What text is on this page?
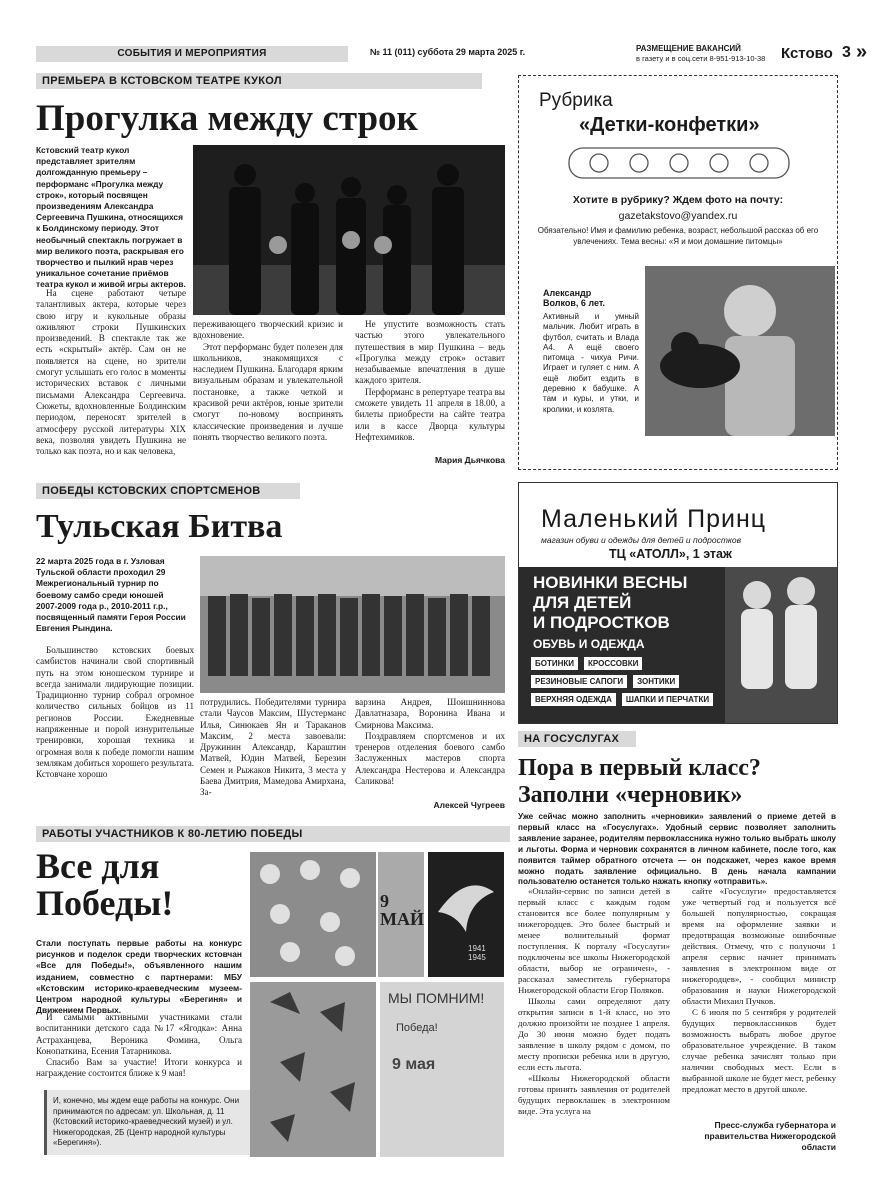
СОБЫТИЯ И МЕРОПРИЯТИЯ	№ 11 (011) суббота 29 марта 2025 г.	РАЗМЕЩЕНИЕ ВАКАНСИЙ
в газету и в соц.сети 8-951-913-10-38 Кстово 3 »
ПРЕМЬЕРА В КСТОВСКОМ ТЕАТРЕ КУКОЛ
Прогулка между строк
Кстовский театр кукол представляет зрителям долгожданную премьеру – перформанс «Прогулка между строк», который посвящен произведениям Александра Сергеевича Пушкина, относящихся к Болдинскому периоду. Этот необычный спектакль погружает в мир великого поэта, раскрывая его творчество и пылкий нрав через уникальное сочетание приёмов театра кукол и живой игры актеров.

На сцене работают четыре талантливых актера, которые через свою игру и кукольные образы оживляют строки Пушкинских произведений. В спектакле так же есть «скрытый» актёр. Сам он не появляется на сцене, но зрители смогут услышать его голос в моменты исторических вставок с личными письмами Александра Сергеевича. Сюжеты, вдохновленные Болдинским периодом, переносят зрителей в атмосферу русской литературы XIX века, позволяя увидеть Пушкина не только как поэта, но и как человека,

переживающего творческий кризис и вдохновение.

Этот перформанс будет полезен для школьников, знакомящихся с наследием Пушкина. Благодаря ярким визуальным образам и увлекательной постановке, а также четкой и красивой речи актёров, юные зрители смогут по-новому воспринять классические произведения и лучше понять творчество великого поэта.

Не упустите возможность стать частью этого увлекательного путешествия в мир Пушкина – ведь «Прогулка между строк» оставит незабываемые впечатления в душе каждого зрителя.

Перформанс в репертуаре театра вы сможете увидеть 11 апреля в 18.00, а билеты приобрести на сайте театра или в кассе Дворца культуры Нефтехимиков.

Мария Дьячкова
Рубрика
«Детки-конфетки»
Хотите в рубрику? Ждем фото на почту:
gazetakstovo@yandex.ru
Обязательно! Имя и фамилию ребенка, возраст, небольшой рассказ об его увлечениях. Тема весны: «Я и мои домашние питомцы»
Александр Волков, 6 лет.
Активный и умный мальчик. Любит играть в футбол, считать и Влада А4. А ещё своего питомца - чихуа Ричи. Играет и гуляет с ним. А ещё любит ездить в деревню к бабушке. А там и куры, и утки, и кролики, и козлята.
ПОБЕДЫ КСТОВСКИХ СПОРТСМЕНОВ
Тульская Битва
22 марта 2025 года в г. Узловая Тульской области проходил 29 Межрегиональный турнир по боевому самбо среди юношей 2007-2009 года р., 2010-2011 г.р., посвященный памяти Героя России Евгения Рындина.

Большинство кстовских боевых самбистов начинали свой спортивный путь на этом юношеском турнире и всегда занимали лидирующие позиции. Традиционно турнир собрал огромное количество сильных бойцов из 11 регионов России. Ежедневные напряженные и порой изнурительные тренировки, хорошая техника и огромная воля к победе помогли нашим землякам добиться хорошего результата. Кстовчане хорошо

потрудились. Победителями турнира стали Чаусов Максим, Шустерманс Илья, Синюкаев Ян и Тараканов Максим, 2 места завоевали: Дружинин Александр, Караштин Матвей, Юдин Матвей, Березин Семен и Рыжаков Никита, 3 места у Баева Дмитрия, Мамедова Амирхана, За-

варзина Андрея, Шоишниннова Давлатназара, Воронина Ивана и Смирнова Максима.

Поздравляем спортсменов и их тренеров отделения боевого самбо Заслуженных мастеров спорта Александра Нестерова и Александра Саликова!

Алексей Чугреев
Маленький Принц
магазин обуви и одежды для детей и подростков
ТЦ «АТОЛЛ», 1 этаж
НОВИНКИ ВЕСНЫ
ДЛЯ ДЕТЕЙ
И ПОДРОСТКОВ
ОБУВЬ И ОДЕЖДА
БОТИНКИ КРОССОВКИ РЕЗИНОВЫЕ САПОГИ ЗОНТИКИ ВЕРХНЯЯ ОДЕЖДА ШАПКИ И ПЕРЧАТКИ
НА ГОСУСЛУГАХ
Пора в первый класс?
Заполни «черновик»
Уже сейчас можно заполнить «черновики» заявлений о приеме детей в первый класс на «Госуслугах». Удобный сервис позволяет заполнить заявление заранее, родителям первоклассника нужно только выбрать школу и льготы. Форма и черновик сохранятся в личном кабинете, после того, как появится таймер обратного отсчета — он подскажет, через какое время можно подать заявление официально. В день начала кампании пользователю останется только нажать кнопку «отправить».

«Онлайн-сервис по записи детей в первый класс с каждым годом становится все более популярным у нижегородцев. Это более быстрый и менее волнительный формат поступления. К порталу «Госуслуги» подключены все школы Нижегородской области, выбор не ограничен», - рассказал заместитель губернатора Нижегородской области Егор Поляков.

Школы сами определяют дату открытия записи в 1-й класс, но это должно произойти не позднее 1 апреля. До 30 июня можно будет подать заявление в школу рядом с домом, по месту прописки ребенка или в другую, если есть льгота.

«Школы Нижегородской области готовы принять заявления от родителей будущих первоклашек в электронном виде. Эта услуга на

сайте «Госуслуги» предоставляется уже четвертый год и пользуется всё большей популярностью, сокращая время на оформление заявки и предотвращая возможные ошибочные действия. Отмечу, что с полуночи 1 апреля сервис начнет принимать заявления в электронном виде от нижегородцев», - сообщил министр образования и науки Нижегородской области Михаил Пучков.

С 6 июля по 5 сентября у родителей будущих первоклассников будет возможность выбрать любое другое образовательное учреждение. В таком случае ребенка зачислят только при наличии свободных мест. Если в выбранной школе не будет мест, ребенку предложат место в другой школе.

Пресс-служба губернатора и правительства Нижегородской области
РАБОТЫ УЧАСТНИКОВ К 80-ЛЕТИЮ ПОБЕДЫ
Все для
Победы!
Стали поступать первые работы на конкурс рисунков и поделок среди творческих кстовчан «Все для Победы!», объявленного нашим изданием, совместно с партнерами: МБУ «Кстовским историко-краеведческим музеем-Центром народной культуры «Берегиня» и Движением Первых.

И самыми активными участниками стали воспитанники детского сада №17 «Ягодка»: Анна Астраханцева, Вероника Фомина, Ольга Конопаткина, Есения Татарникова.

Спасибо Вам за участие! Итоги конкурса и награждение состоится ближе к 9 мая!

И, конечно, мы ждем еще работы на конкурс. Они принимаются по адресам: ул. Школьная, д. 11 (Кстовский историко-краеведческий музей) и ул. Нижегородская, 2Б (Центр народной культуры «Берегиня»).
9 МАЙ
1941 1945
МЫ ПОМНИМ!
Победа!
9 мая
